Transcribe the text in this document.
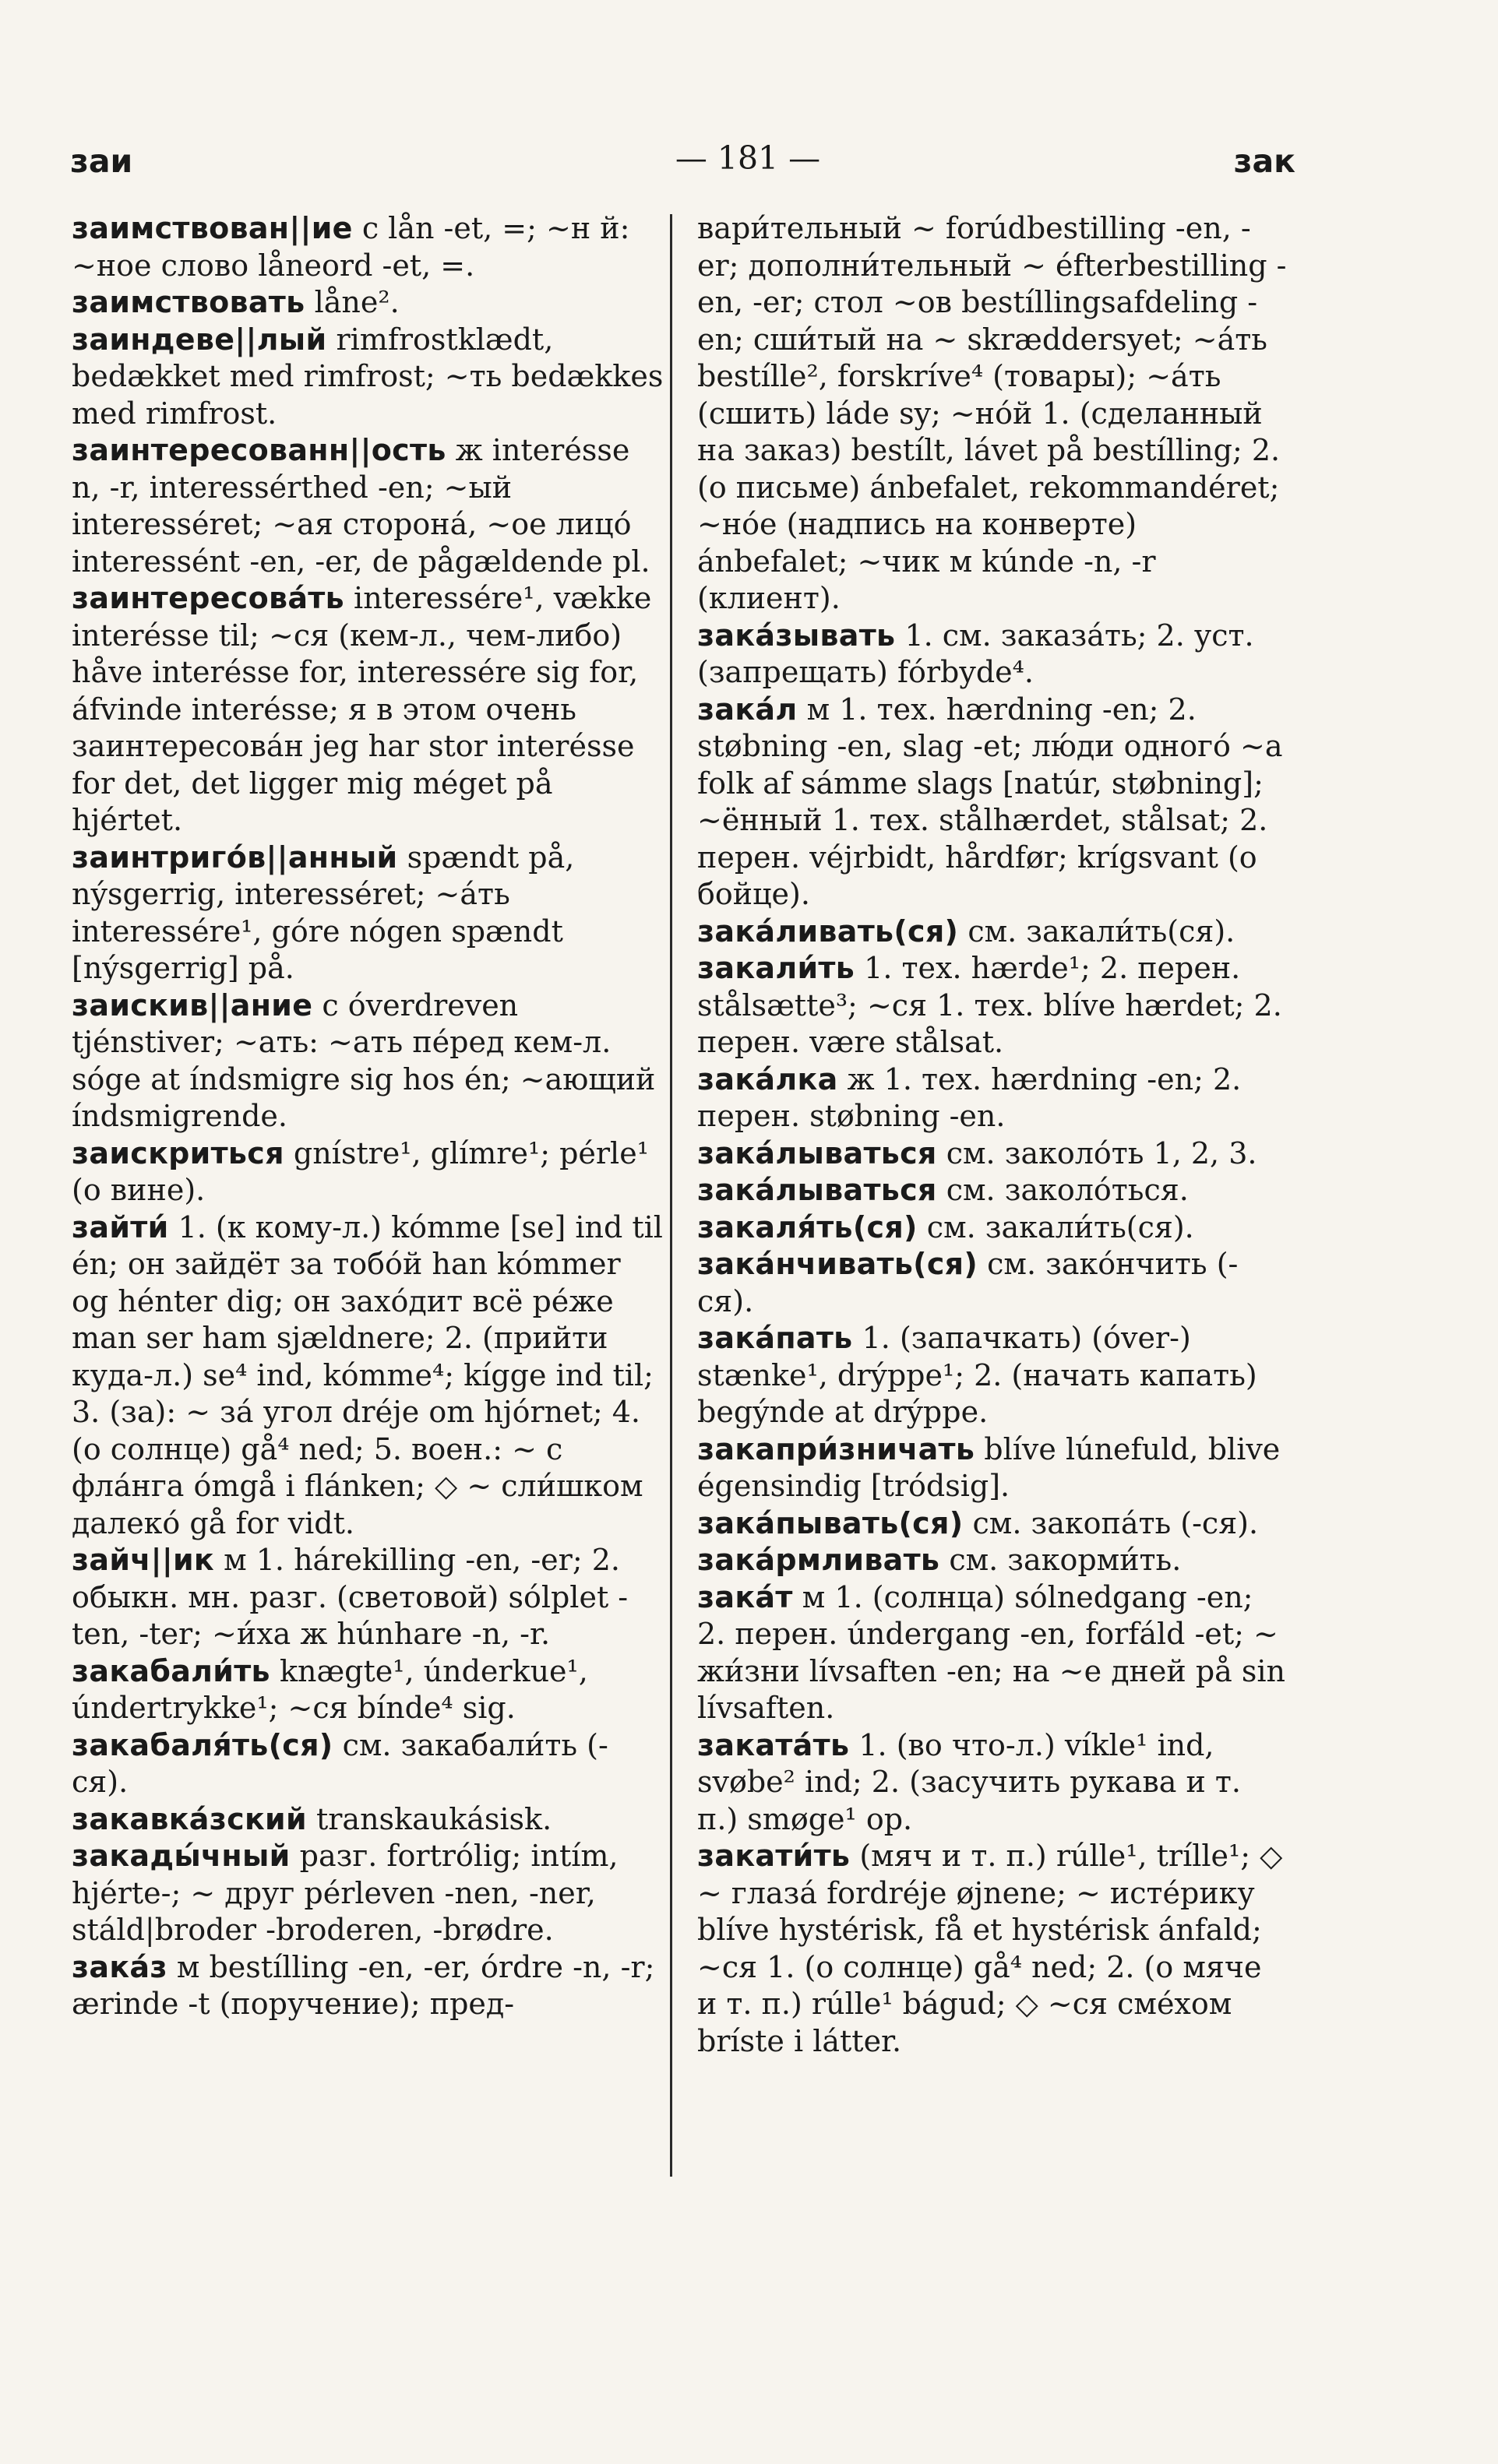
заи	— 181 —	зак
заимствован||ие с lån -et, =; ~н й: ~ное слово låneord -et, =.
заимствовать låne².
заиндеве||лый rimfrostklædt, bedækket med rimfrost; ~ть bedækkes med rimfrost.
заинтересованн||ость ж interésse n, -r, interessérthed -en; ~ый interesséret; ~ая сторона́, ~ое лицо́ interessént -en, -er, de pågældende pl.
заинтересова́ть interessére¹, vække interésse til; ~ся (кем-л., чем-либо) håve interésse for, interessére sig for, áfvinde interésse; я в этом очень заинтересова́н jeg har stor interésse for det, det ligger mig méget på hjértet.
заинтриго́в||анный spændt på, nýsgerrig, interesséret; ~а́ть interessére¹, góre nógen spændt [nýsgerrig] på.
заискив||ание с óverdreven tjénstiver; ~ать: ~ать пе́ред кем-л. sóge at índsmigre sig hos én; ~ающий índsmigrende.
заискриться gnístre¹, glímre¹; pérle¹ (о вине).
зайти́ 1. (к кому-л.) kómme [se] ind til én; он зайдёт за тобо́й han kómmer og hénter dig; он захо́дит всё ре́же man ser ham sjældnere; 2. (прийти куда-л.) se⁴ ind, kómme⁴; kígge ind til; 3. (за): ~ за́ угол dréje om hjórnet; 4. (о солнце) gå⁴ ned; 5. воен.: ~ с фла́нга ómgå i flánken; ◇ ~ сли́шком далеко́ gå for vidt.
зайч||ик м 1. hárekilling -en, -er; 2. обыкн. мн. разг. (световой) sólplet -ten, -ter; ~и́ха ж húnhare -n, -r.
закабали́ть knægte¹, únderkue¹, úndertrykke¹; ~ся bínde⁴ sig.
закабаля́ть(ся) см. закабали́ть (-ся).
закавка́зский transkaukásisk.
закады́чный разг. fortrólig; intím, hjérte-; ~ друг pérleven -nen, -ner, stáld|broder -broderen, -brødre.
зака́з м bestílling -en, -er, órdre -n, -r; ærinde -t (поручение); пред-
вари́тельный ~ forúdbestilling -en, -er; дополни́тельный ~ éfterbestilling -en, -er; стол ~ов bestíllingsafdeling -en; сши́тый на ~ skræddersyet; ~а́ть bestílle², forskríve⁴ (товары); ~а́ть (сшить) láde sy; ~но́й 1. (сделанный на заказ) bestílt, lávet på bestílling; 2. (о письме) ánbefalet, rekommandéret; ~но́е (надпись на конверте) ánbefalet; ~чик м kúnde -n, -r (клиент).
зака́зывать 1. см. заказа́ть; 2. уст. (запрещать) fórbyde⁴.
зака́л м 1. тех. hærdning -en; 2. støbning -en, slag -et; лю́ди одного́ ~а folk af sámme slags [natúr, støbning]; ~ённый 1. тех. stålhærdet, stålsat; 2. перен. véjrbidt, hårdfør; krígsvant (о бойце).
зака́ливать(ся) см. закали́ть(ся).
закали́ть 1. тех. hærde¹; 2. перен. stålsætte³; ~ся 1. тех. blíve hærdet; 2. перен. være stålsat.
зака́лка ж 1. тех. hærdning -en; 2. перен. støbning -en.
зака́лываться см. заколо́ть 1, 2, 3.
зака́лываться см. заколо́ться.
закаля́ть(ся) см. закали́ть(ся).
зака́нчивать(ся) см. зако́нчить (-ся).
зака́пать 1. (запачкать) (óver-) stænke¹, drýppe¹; 2. (начать капать) begýnde at drýppe.
закапри́зничать blíve lúnefuld, blive égensindig [tródsig].
зака́пывать(ся) см. закопа́ть (-ся).
зака́рмливать см. закорми́ть.
зака́т м 1. (солнца) sólnedgang -en; 2. перен. úndergang -en, forfáld -et; ~ жи́зни lívsaften -en; на ~е дней på sin lívsaften.
заката́ть 1. (во что-л.) víkle¹ ind, svøbe² ind; 2. (засучить рукава и т. п.) smøge¹ op.
закати́ть (мяч и т. п.) rúlle¹, trílle¹; ◇ ~ глаза́ fordréje øjnene; ~ исте́рику blíve hystérisk, få et hystérisk ánfald; ~ся 1. (о солнце) gå⁴ ned; 2. (о мяче и т. п.) rúlle¹ bágud; ◇ ~ся сме́хом bríste i látter.
